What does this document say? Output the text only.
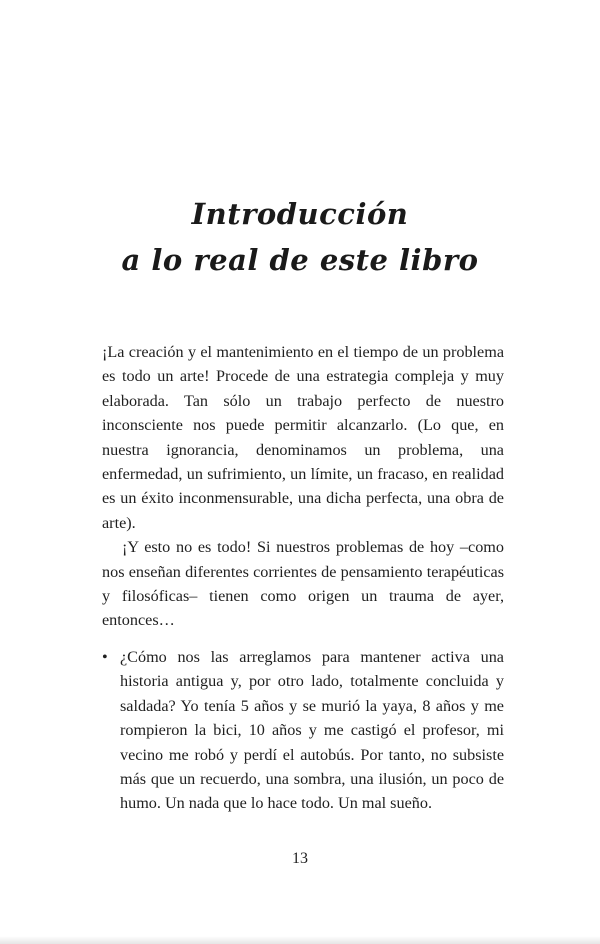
Introducción
a lo real de este libro

¡La creación y el mantenimiento en el tiempo de un problema es todo un arte! Procede de una estrategia compleja y muy elaborada. Tan sólo un trabajo perfecto de nuestro inconsciente nos puede permitir alcanzarlo. (Lo que, en nuestra ignorancia, denominamos un problema, una enfermedad, un sufrimiento, un límite, un fracaso, en realidad es un éxito inconmensurable, una dicha perfecta, una obra de arte).

¡Y esto no es todo! Si nuestros problemas de hoy –como nos enseñan diferentes corrientes de pensamiento terapéuticas y filosóficas– tienen como origen un trauma de ayer, entonces…

• ¿Cómo nos las arreglamos para mantener activa una historia antigua y, por otro lado, totalmente concluida y saldada? Yo tenía 5 años y se murió la yaya, 8 años y me rompieron la bici, 10 años y me castigó el profesor, mi vecino me robó y perdí el autobús. Por tanto, no subsiste más que un recuerdo, una sombra, una ilusión, un poco de humo. Un nada que lo hace todo. Un mal sueño.
13
